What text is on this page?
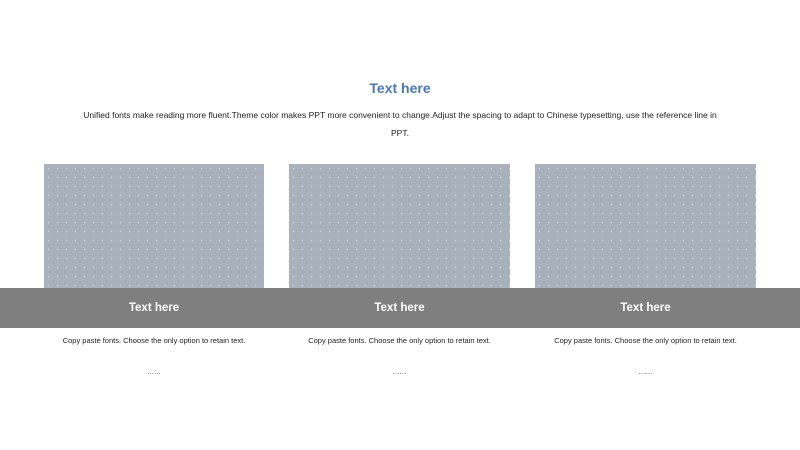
Text here
Unified fonts make reading more fluent.Theme color makes PPT more convenient to change.Adjust the spacing to adapt to Chinese typesetting, use the reference line in PPT.
Text here	Text here	Text here
Copy paste fonts. Choose the only option to retain text.	Copy paste fonts. Choose the only option to retain text.	Copy paste fonts. Choose the only option to retain text.
……	……	……
